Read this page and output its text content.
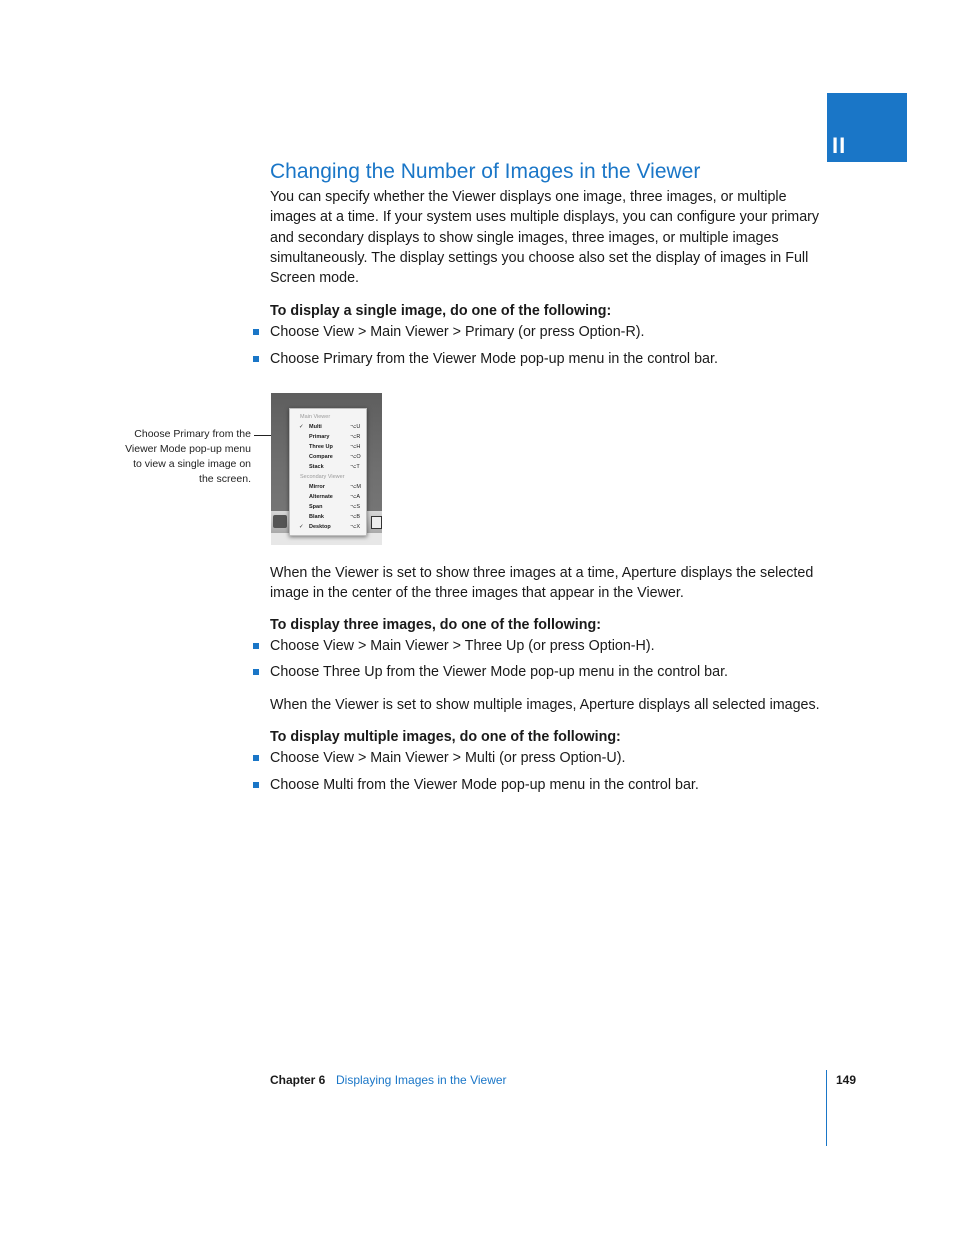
II
Changing the Number of Images in the Viewer

You can specify whether the Viewer displays one image, three images, or multiple images at a time. If your system uses multiple displays, you can configure your primary and secondary displays to show single images, three images, or multiple images simultaneously. The display settings you choose also set the display of images in Full Screen mode.

To display a single image, do one of the following:

Choose View > Main Viewer > Primary (or press Option-R).
Choose Primary from the Viewer Mode pop-up menu in the control bar.
Choose Primary from the Viewer Mode pop-up menu to view a single image on the screen.
Main Viewer
✓ Multi	⌥U
Primary	⌥R
Three Up	⌥H
Compare	⌥O
Stack	⌥T
Secondary Viewer
Mirror	⌥M
Alternate	⌥A
Span	⌥S
Blank	⌥B
✓ Desktop	⌥X

When the Viewer is set to show three images at a time, Aperture displays the selected image in the center of the three images that appear in the Viewer.

To display three images, do one of the following:

Choose View > Main Viewer > Three Up (or press Option-H).
Choose Three Up from the Viewer Mode pop-up menu in the control bar.

When the Viewer is set to show multiple images, Aperture displays all selected images.

To display multiple images, do one of the following:

Choose View > Main Viewer > Multi (or press Option-U).
Choose Multi from the Viewer Mode pop-up menu in the control bar.
Chapter 6 Displaying Images in the Viewer	149
